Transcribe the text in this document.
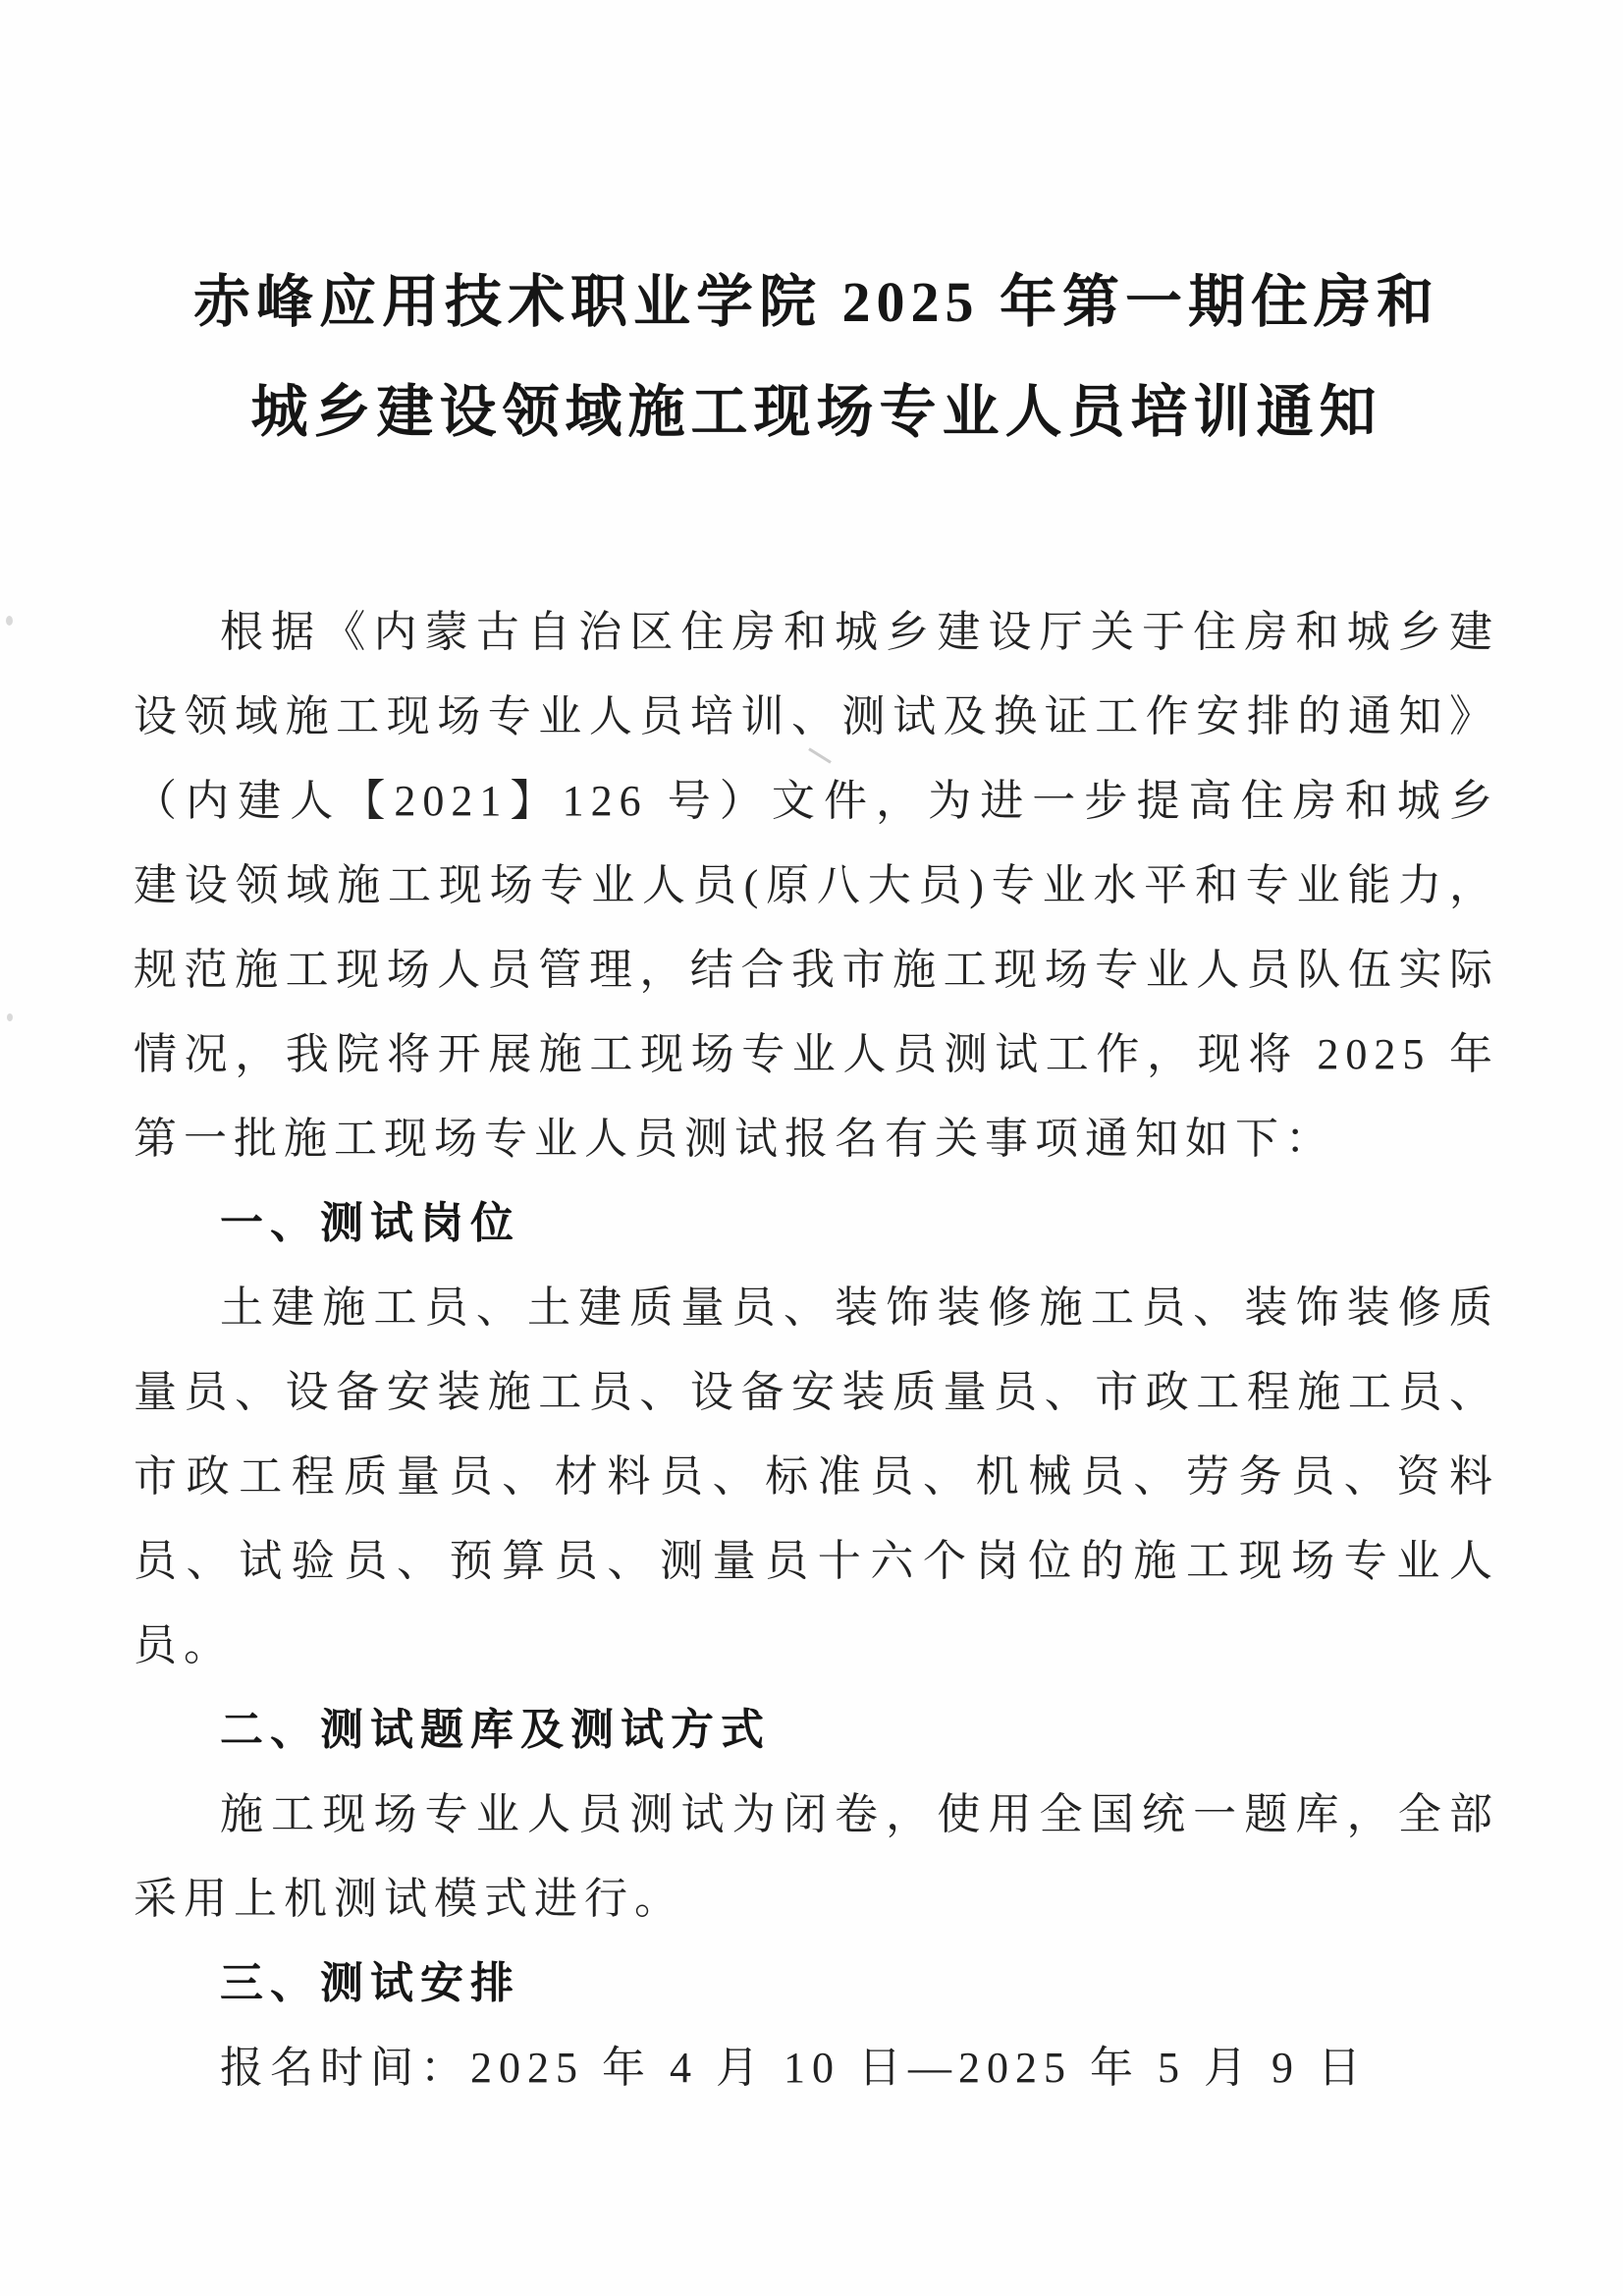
赤峰应用技术职业学院 2025 年第一期住房和
城乡建设领域施工现场专业人员培训通知

根据《内蒙古自治区住房和城乡建设厅关于住房和城乡建设领域施工现场专业人员培训、测试及换证工作安排的通知》（内建人【2021】126 号）文件，为进一步提高住房和城乡建设领域施工现场专业人员(原八大员)专业水平和专业能力，规范施工现场人员管理，结合我市施工现场专业人员队伍实际情况，我院将开展施工现场专业人员测试工作，现将 2025 年第一批施工现场专业人员测试报名有关事项通知如下：

一、测试岗位

土建施工员、土建质量员、装饰装修施工员、装饰装修质量员、设备安装施工员、设备安装质量员、市政工程施工员、市政工程质量员、材料员、标准员、机械员、劳务员、资料员、试验员、预算员、测量员十六个岗位的施工现场专业人员。

二、测试题库及测试方式

施工现场专业人员测试为闭卷，使用全国统一题库，全部采用上机测试模式进行。

三、测试安排

报名时间：2025 年 4 月 10 日—2025 年 5 月 9 日
